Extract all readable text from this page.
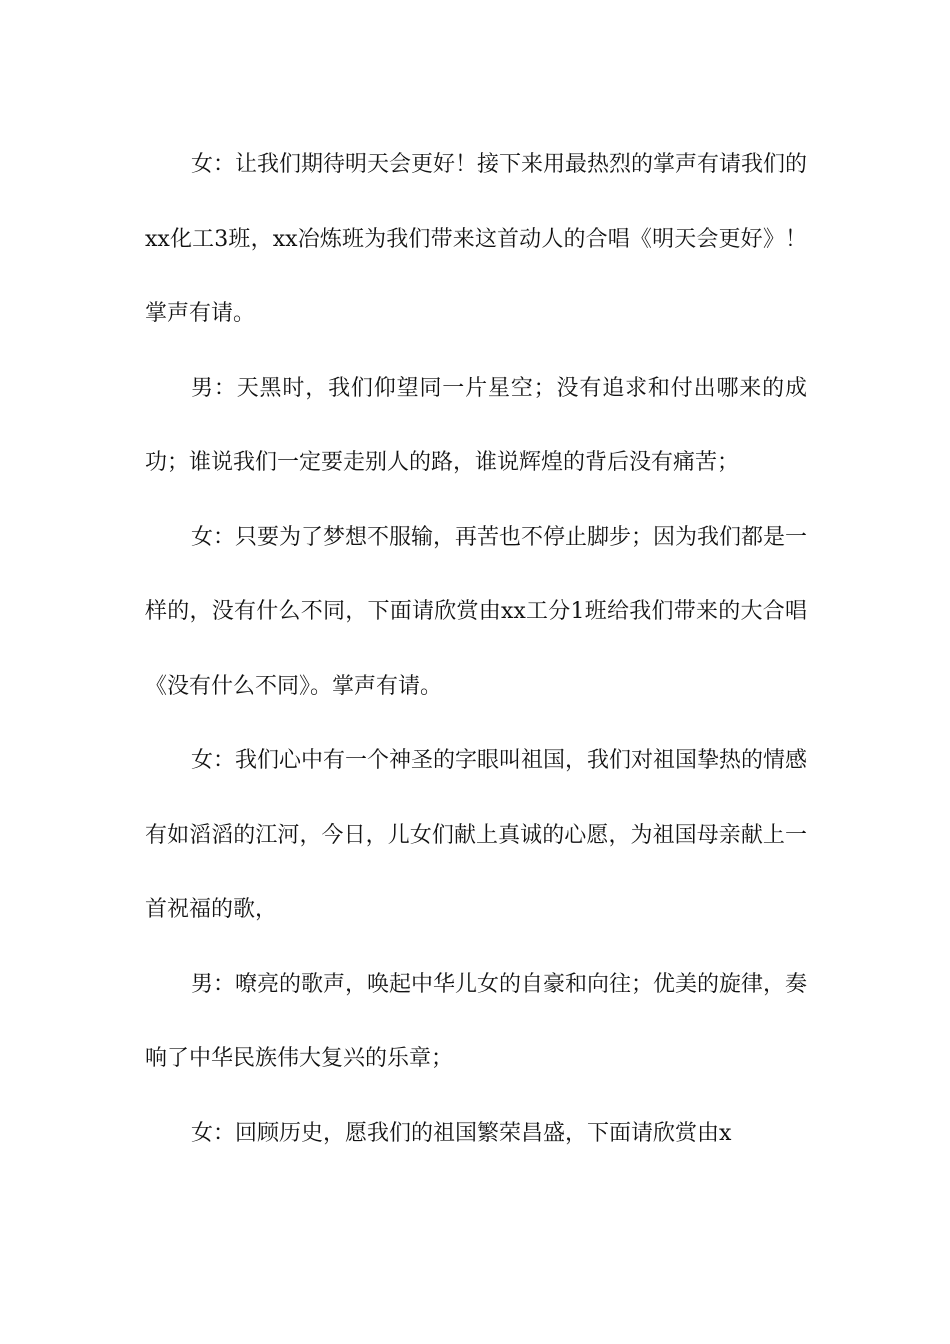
女：让我们期待明天会更好！接下来用最热烈的掌声有请我们的xx化工3班，xx冶炼班为我们带来这首动人的合唱《明天会更好》！掌声有请。

男：天黑时，我们仰望同一片星空；没有追求和付出哪来的成功；谁说我们一定要走别人的路，谁说辉煌的背后没有痛苦；

女：只要为了梦想不服输，再苦也不停止脚步；因为我们都是一样的，没有什么不同，下面请欣赏由xx工分1班给我们带来的大合唱《没有什么不同》。掌声有请。

女：我们心中有一个神圣的字眼叫祖国，我们对祖国挚热的情感有如滔滔的江河，今日，儿女们献上真诚的心愿，为祖国母亲献上一首祝福的歌，

男：嘹亮的歌声，唤起中华儿女的自豪和向往；优美的旋律，奏响了中华民族伟大复兴的乐章；

女：回顾历史，愿我们的祖国繁荣昌盛，下面请欣赏由x
